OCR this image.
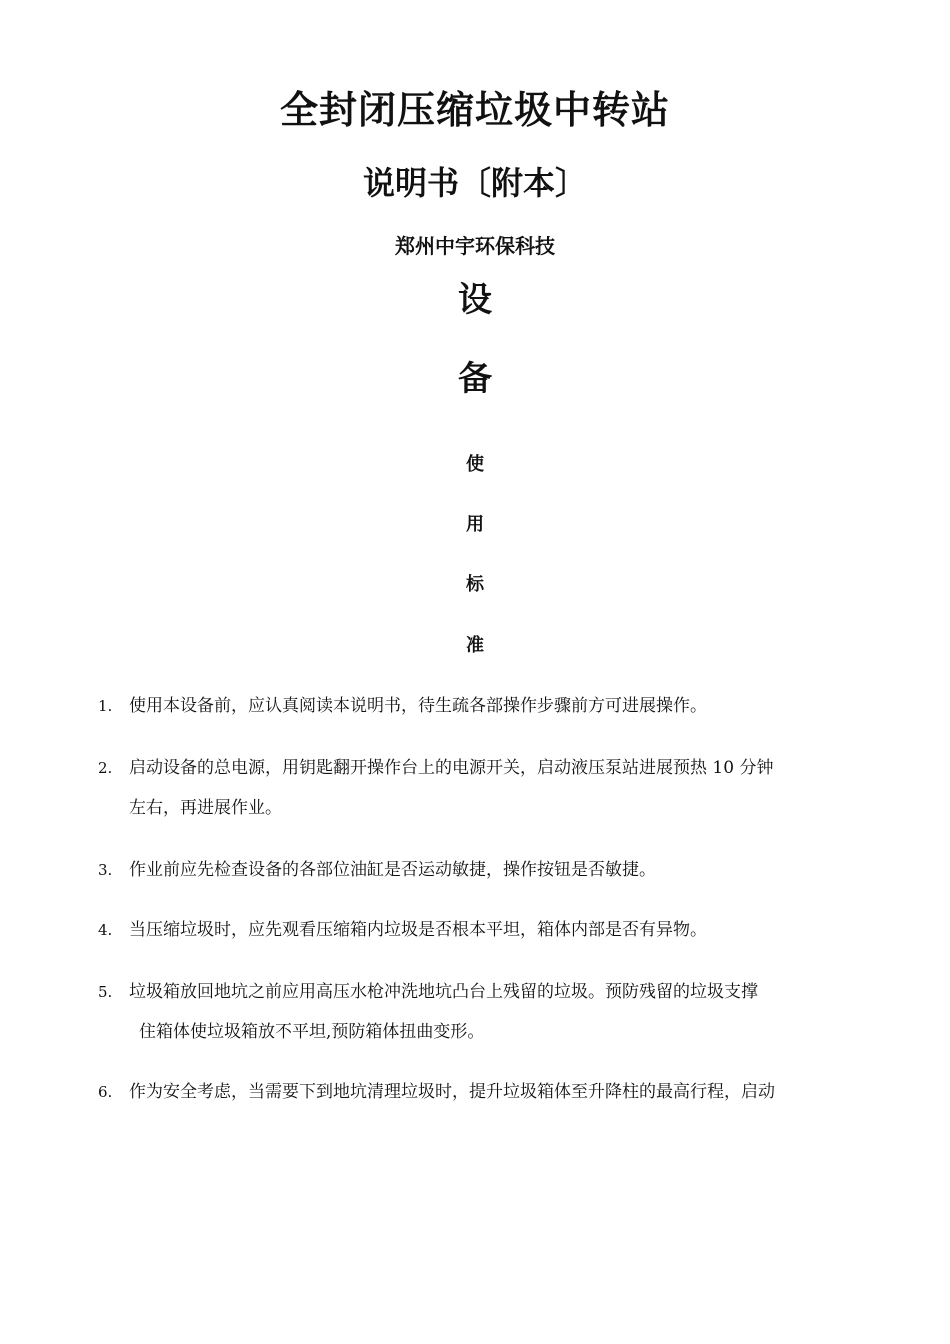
全封闭压缩垃圾中转站
说明书〔附本〕
郑州中宇环保科技
设
备
使
用
标
准
1. 使用本设备前，应认真阅读本说明书，待生疏各部操作步骤前方可进展操作。
2. 启动设备的总电源，用钥匙翻开操作台上的电源开关，启动液压泵站进展预热 10 分钟
左右，再进展作业。
3. 作业前应先检查设备的各部位油缸是否运动敏捷，操作按钮是否敏捷。
4. 当压缩垃圾时，应先观看压缩箱内垃圾是否根本平坦，箱体内部是否有异物。
5. 垃圾箱放回地坑之前应用高压水枪冲洗地坑凸台上残留的垃圾。预防残留的垃圾支撑
住箱体使垃圾箱放不平坦,预防箱体扭曲变形。
6. 作为安全考虑，当需要下到地坑清理垃圾时，提升垃圾箱体至升降柱的最高行程，启动
